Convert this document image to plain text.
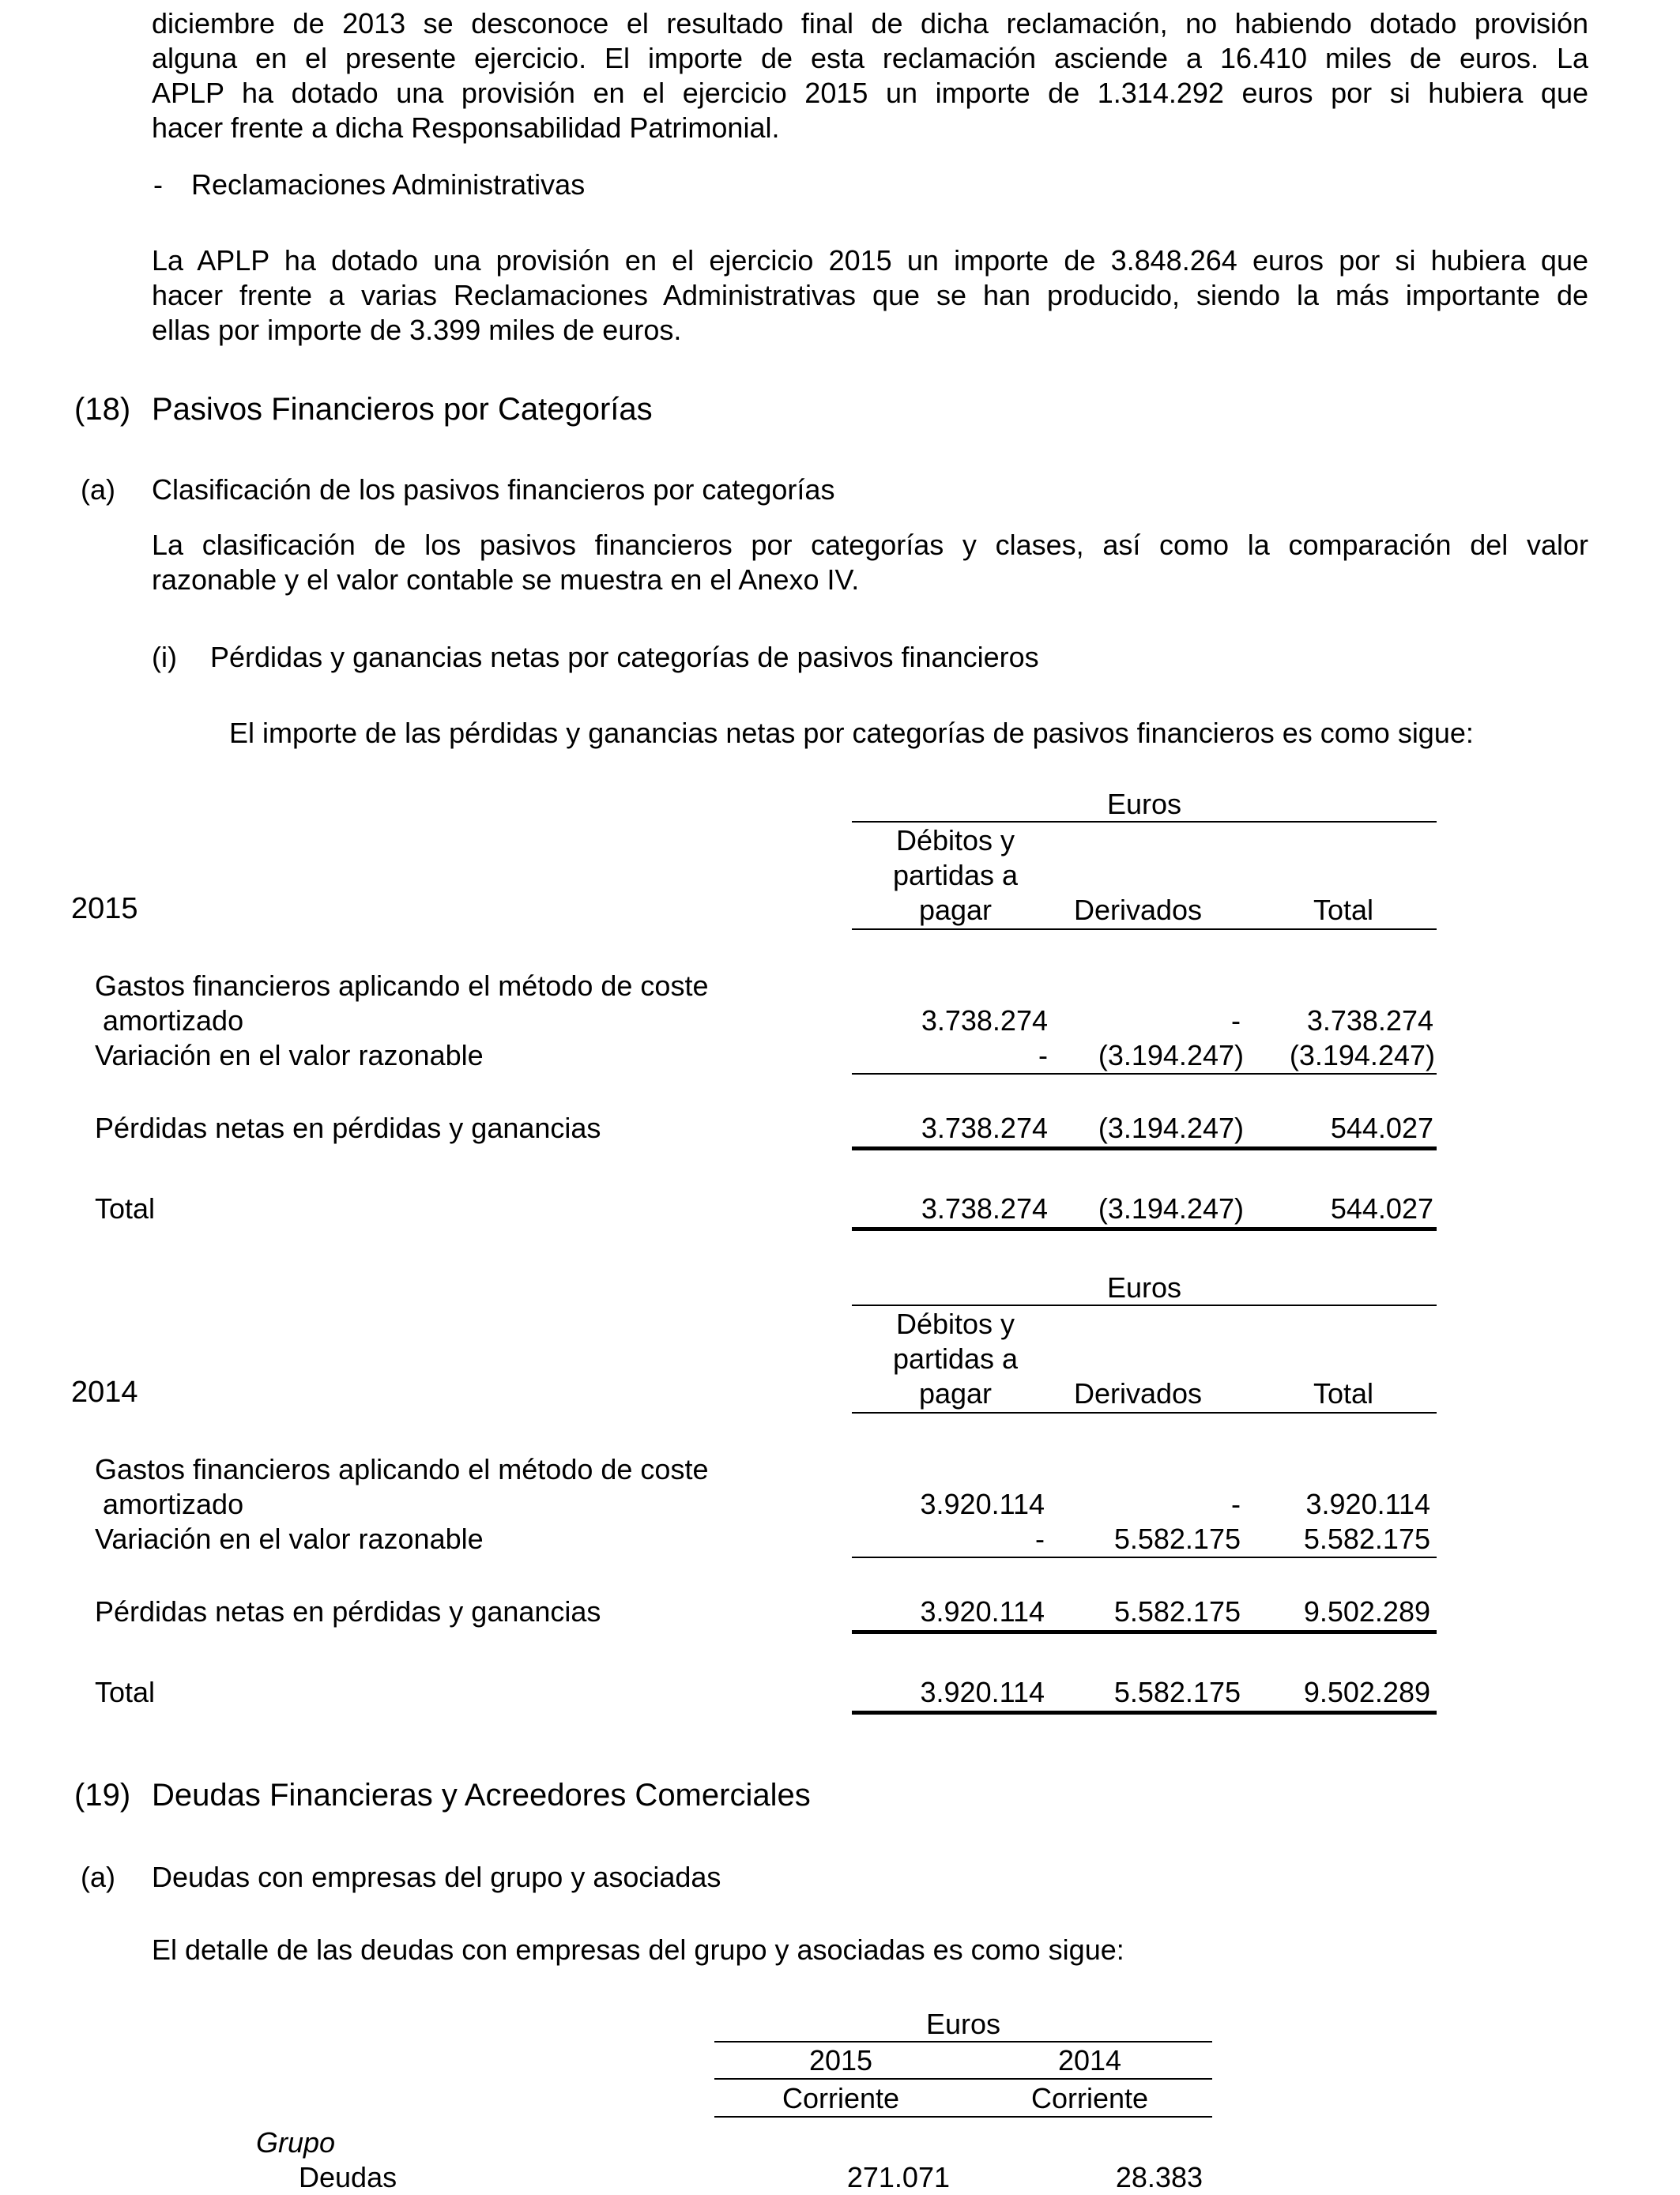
diciembre de 2013 se desconoce el resultado final de dicha reclamación, no habiendo dotado provisión
alguna en el presente ejercicio. El importe de esta reclamación asciende a 16.410 miles de euros. La
APLP ha dotado una provisión en el ejercicio 2015 un importe de 1.314.292 euros por si hubiera que
hacer frente a dicha Responsabilidad Patrimonial.
- Reclamaciones Administrativas
La APLP ha dotado una provisión en el ejercicio 2015 un importe de 3.848.264 euros por si hubiera que
hacer frente a varias Reclamaciones Administrativas que se han producido, siendo la más importante de
ellas por importe de 3.399 miles de euros.
(18) Pasivos Financieros por Categorías
(a) Clasificación de los pasivos financieros por categorías
La clasificación de los pasivos financieros por categorías y clases, así como la comparación del valor
razonable y el valor contable se muestra en el Anexo IV.
(i) Pérdidas y ganancias netas por categorías de pasivos financieros
El importe de las pérdidas y ganancias netas por categorías de pasivos financieros es como sigue:
Euros
Débitos y
partidas a
pagar	Derivados	Total
2015
Gastos financieros aplicando el método de coste
amortizado	3.738.274	-	3.738.274
Variación en el valor razonable	-	(3.194.247)	(3.194.247)
Pérdidas netas en pérdidas y ganancias	3.738.274	(3.194.247)	544.027
Total	3.738.274	(3.194.247)	544.027
Euros
Débitos y
partidas a
pagar	Derivados	Total
2014
Gastos financieros aplicando el método de coste
amortizado	3.920.114	-	3.920.114
Variación en el valor razonable	-	5.582.175	5.582.175
Pérdidas netas en pérdidas y ganancias	3.920.114	5.582.175	9.502.289
Total	3.920.114	5.582.175	9.502.289
(19) Deudas Financieras y Acreedores Comerciales
(a) Deudas con empresas del grupo y asociadas
El detalle de las deudas con empresas del grupo y asociadas es como sigue:
Euros
2015	2014
Corriente	Corriente
Grupo
Deudas	271.071	28.383
